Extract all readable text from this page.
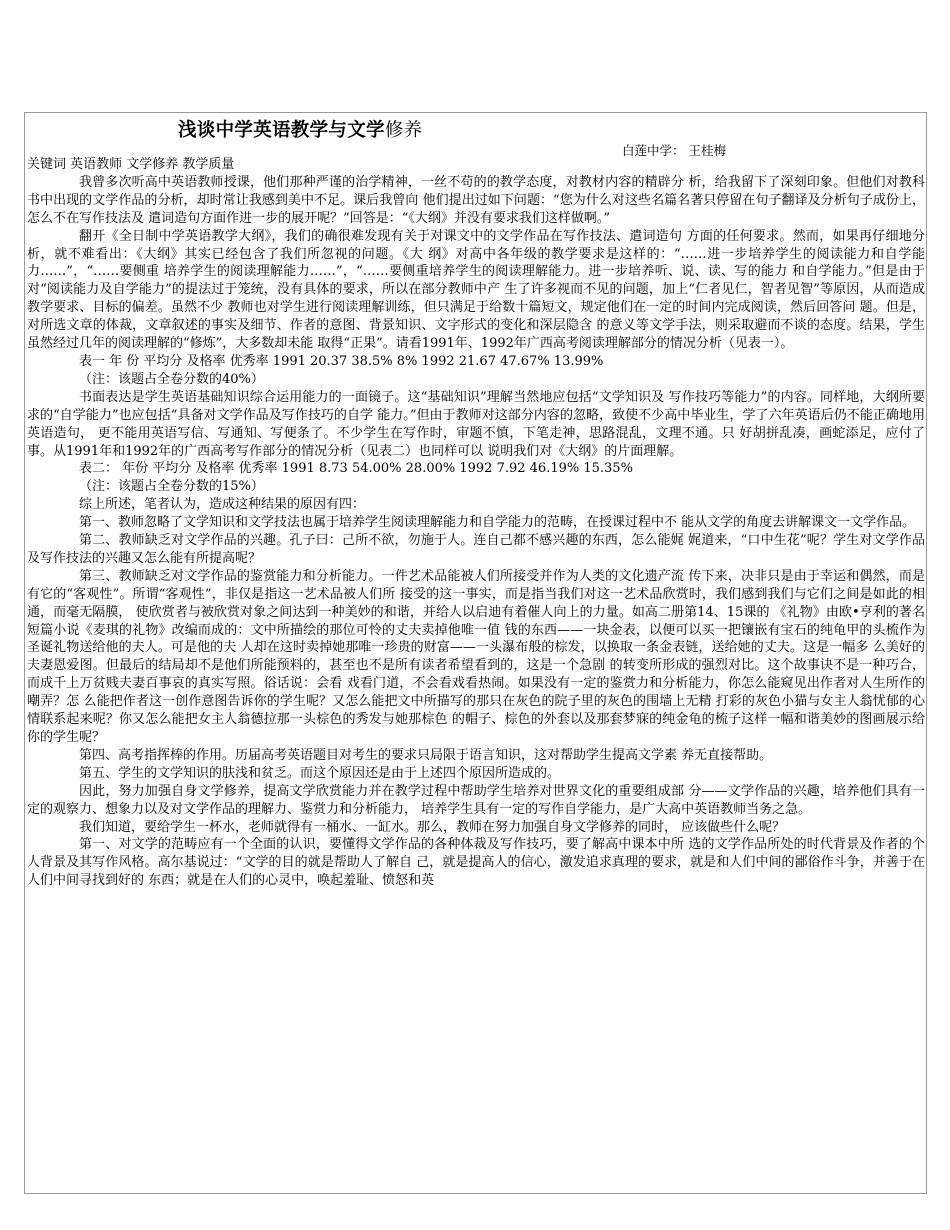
浅谈中学英语教学与文学修养
白莲中学： 王桂梅

关键词 英语教师 文学修养 教学质量

我曾多次听高中英语教师授课，他们那种严谨的治学精神，一丝不苟的的教学态度，对教材内容的精辟分 析，给我留下了深刻印象。但他们对教科书中出现的文学作品的分析，却时常让我感到美中不足。课后我曾向 他们提出过如下问题：“您为什么对这些名篇名著只停留在句子翻译及分析句子成份上，怎么不在写作技法及 遣词造句方面作进一步的展开呢？”回答是：“《大纲》并没有要求我们这样做啊。”

翻开《全日制中学英语教学大纲》，我们的确很难发现有关于对课文中的文学作品在写作技法、遣词造句 方面的任何要求。然而，如果再仔细地分析，就不难看出：《大纲》其实已经包含了我们所忽视的问题。《大 纲》对高中各年级的教学要求是这样的：“……进一步培养学生的阅读能力和自学能力……”，“……要侧重 培养学生的阅读理解能力……”，“……要侧重培养学生的阅读理解能力。进一步培养听、说、读、写的能力 和自学能力。”但是由于对“阅读能力及自学能力”的提法过于笼统，没有具体的要求，所以在部分教师中产 生了许多视而不见的问题，加上“仁者见仁，智者见智”等原因，从而造成教学要求、目标的偏差。虽然不少 教师也对学生进行阅读理解训练，但只满足于给数十篇短文，规定他们在一定的时间内完成阅读，然后回答问 题。但是，对所选文章的体裁，文章叙述的事实及细节、作者的意图、背景知识、文字形式的变化和深层隐含 的意义等文学手法，则采取避而不谈的态度。结果，学生虽然经过几年的阅读理解的“修炼”，大多数却未能 取得“正果”。请看1991年、1992年广西高考阅读理解部分的情况分析（见表一）。

表一 年 份 平均分 及格率 优秀率 1991 20.37 38.5% 8% 1992 21.67 47.67% 13.99%

（注：该题占全卷分数的40%）

书面表达是学生英语基础知识综合运用能力的一面镜子。这“基础知识”理解当然地应包括“文学知识及 写作技巧等能力”的内容。同样地，大纲所要求的“自学能力”也应包括“具备对文学作品及写作技巧的自学 能力。”但由于教师对这部分内容的忽略，致使不少高中毕业生，学了六年英语后仍不能正确地用英语造句， 更不能用英语写信、写通知、写便条了。不少学生在写作时，审题不慎，下笔走神，思路混乱，文理不通。只 好胡拼乱凑，画蛇添足，应付了事。从1991年和1992年的广西高考写作部分的情况分析（见表二）也同样可以 说明我们对《大纲》的片面理解。

表二： 年份 平均分 及格率 优秀率 1991 8.73 54.00% 28.00% 1992 7.92 46.19% 15.35%

（注：该题占全卷分数的15%）

综上所述，笔者认为，造成这种结果的原因有四：

第一、教师忽略了文学知识和文学技法也属于培养学生阅读理解能力和自学能力的范畴，在授课过程中不 能从文学的角度去讲解课文一文学作品。

第二、教师缺乏对文学作品的兴趣。孔子曰：己所不欲，勿施于人。连自己都不感兴趣的东西，怎么能娓 娓道来，“口中生花”呢？学生对文学作品及写作技法的兴趣又怎么能有所提高呢？

第三、教师缺乏对文学作品的鉴赏能力和分析能力。一件艺术品能被人们所接受并作为人类的文化遗产流 传下来，决非只是由于幸运和偶然，而是有它的“客观性”。所谓“客观性”，非仅是指这一艺术品被人们所 接受的这一事实，而是指当我们对这一艺术品欣赏时，我们感到我们与它们之间是如此的相通，而毫无隔膜， 使欣赏者与被欣赏对象之间达到一种美妙的和谐，并给人以启迪有着催人向上的力量。如高二册第14、15课的 《礼物》由欧•亨利的著名短篇小说《麦琪的礼物》改编而成的：文中所描绘的那位可怜的丈夫卖掉他唯一值 钱的东西——一块金表，以便可以买一把镶嵌有宝石的纯龟甲的头梳作为圣诞礼物送给他的夫人。可是他的夫 人却在这时卖掉她那唯一珍贵的财富——一头瀑布般的棕发，以换取一条金表链，送给她的丈夫。这是一幅多 么美好的夫妻恩爱图。但最后的结局却不是他们所能预料的，甚至也不是所有读者希望看到的，这是一个急剧 的转变所形成的强烈对比。这个故事诀不是一种巧合，而成千上万贫贱夫妻百事哀的真实写照。俗话说：会看 戏看门道，不会看戏看热闹。如果没有一定的鉴赏力和分析能力，你怎么能窥见出作者对人生所作的嘲弄？怎 么能把作者这一创作意图告诉你的学生呢？又怎么能把文中所描写的那只在灰色的院子里的灰色的围墙上无精 打彩的灰色小猫与女主人翁忧郁的心情联系起来呢？你又怎么能把女主人翁德拉那一头棕色的秀发与她那棕色 的帽子、棕色的外套以及那套梦寐的纯金龟的梳子这样一幅和谐美妙的图画展示给你的学生呢？

第四、高考指挥棒的作用。历届高考英语题目对考生的要求只局限于语言知识，这对帮助学生提高文学素 养无直接帮助。

第五、学生的文学知识的肤浅和贫乏。而这个原因还是由于上述四个原因所造成的。

因此，努力加强自身文学修养，提高文学欣赏能力并在教学过程中帮助学生培养对世界文化的重要组成部 分——文学作品的兴趣，培养他们具有一定的观察力、想象力以及对文学作品的理解力、鉴赏力和分析能力， 培养学生具有一定的写作自学能力，是广大高中英语教师当务之急。

我们知道，要给学生一杯水，老师就得有一桶水、一缸水。那么，教师在努力加强自身文学修养的同时， 应该做些什么呢？

第一、对文学的范畴应有一个全面的认识，要懂得文学作品的各种体裁及写作技巧，要了解高中课本中所 选的文学作品所处的时代背景及作者的个人背景及其写作风格。高尔基说过：“文学的目的就是帮助人了解自 己，就是提高人的信心，激发追求真理的要求，就是和人们中间的鄙俗作斗争，并善于在人们中间寻找到好的 东西；就是在人们的心灵中，唤起羞耻、愤怒和英
